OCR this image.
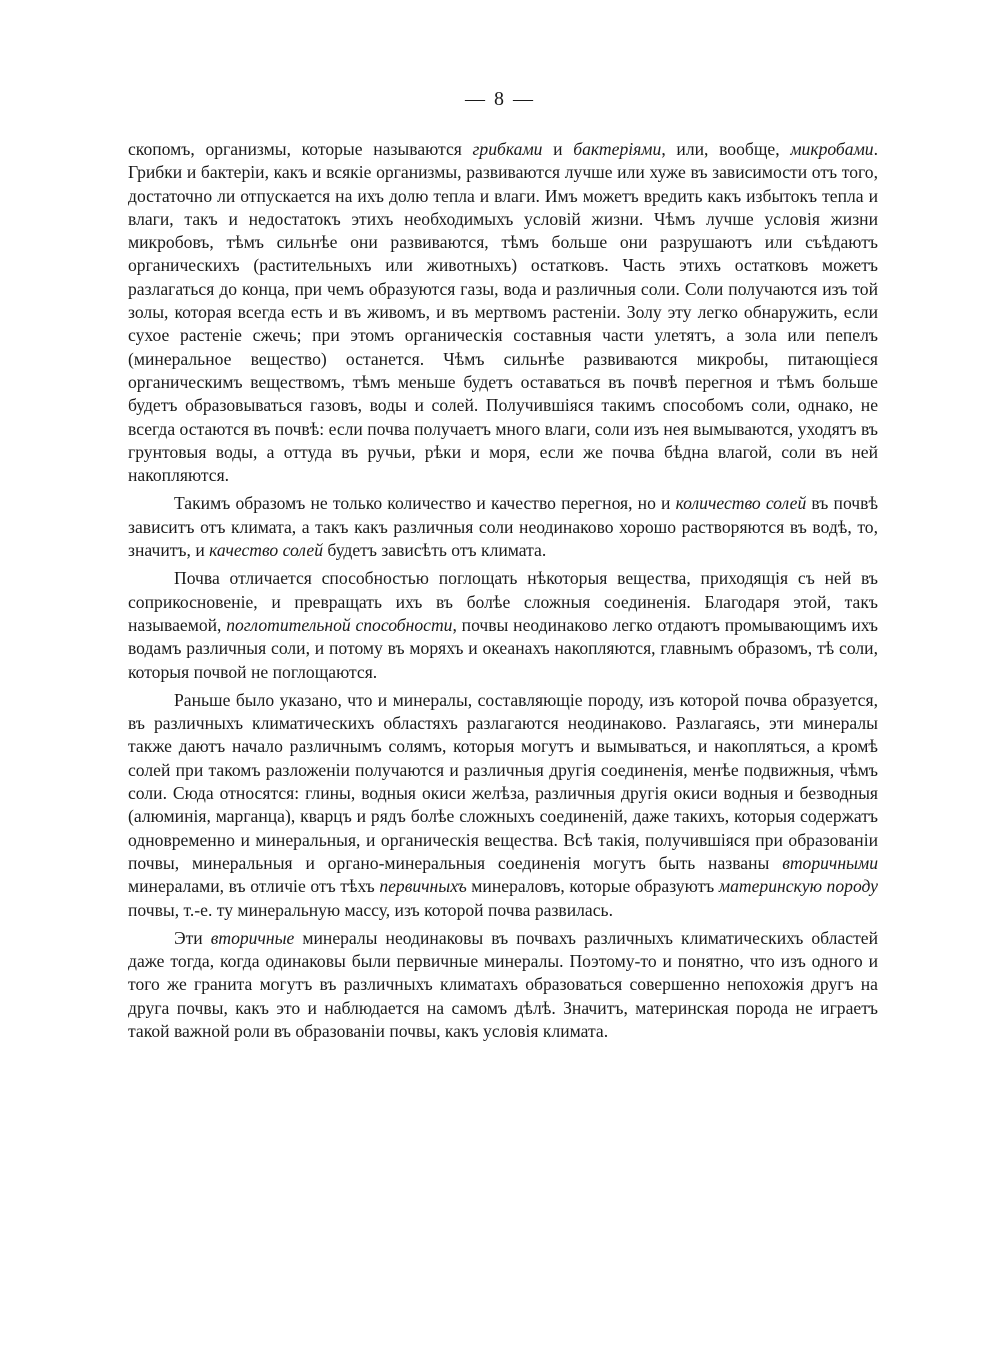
— 8 —

скопомъ, организмы, которые называются грибками и бактеріями, или, вообще, микробами. Грибки и бактеріи, какъ и всякіе организмы, развиваются лучше или хуже въ зависимости отъ того, достаточно ли отпускается на ихъ долю тепла и влаги. Имъ можетъ вредить какъ избытокъ тепла и влаги, такъ и недостатокъ этихъ необходимыхъ условій жизни. Чѣмъ лучше условія жизни микробовъ, тѣмъ сильнѣе они развиваются, тѣмъ больше они разрушаютъ или съѣдаютъ органическихъ (растительныхъ или животныхъ) остатковъ. Часть этихъ остатковъ можетъ разлагаться до конца, при чемъ образуются газы, вода и различныя соли. Соли получаются изъ той золы, которая всегда есть и въ живомъ, и въ мертвомъ растеніи. Золу эту легко обнаружить, если сухое растеніе сжечь; при этомъ органическія составныя части улетятъ, а зола или пепелъ (минеральное вещество) останется. Чѣмъ сильнѣе развиваются микробы, питающіеся органическимъ веществомъ, тѣмъ меньше будетъ оставаться въ почвѣ перегноя и тѣмъ больше будетъ образовываться газовъ, воды и солей. Получившіяся такимъ способомъ соли, однако, не всегда остаются въ почвѣ: если почва получаетъ много влаги, соли изъ нея вымываются, уходятъ въ грунтовыя воды, а оттуда въ ручьи, рѣки и моря, если же почва бѣдна влагой, соли въ ней накопляются.

Такимъ образомъ не только количество и качество перегноя, но и количество солей въ почвѣ зависитъ отъ климата, а такъ какъ различныя соли неодинаково хорошо растворяются въ водѣ, то, значитъ, и качество солей будетъ зависѣть отъ климата.

Почва отличается способностью поглощать нѣкоторыя вещества, приходящія съ ней въ соприкосновеніе, и превращать ихъ въ болѣе сложныя соединенія. Благодаря этой, такъ называемой, поглотительной способности, почвы неодинаково легко отдаютъ промывающимъ ихъ водамъ различныя соли, и потому въ моряхъ и океанахъ накопляются, главнымъ образомъ, тѣ соли, которыя почвой не поглощаются.

Раньше было указано, что и минералы, составляющіе породу, изъ которой почва образуется, въ различныхъ климатическихъ областяхъ разлагаются неодинаково. Разлагаясь, эти минералы также даютъ начало различнымъ солямъ, которыя могутъ и вымываться, и накопляться, а кромѣ солей при такомъ разложеніи получаются и различныя другія соединенія, менѣе подвижныя, чѣмъ соли. Сюда относятся: глины, водныя окиси желѣза, различныя другія окиси водныя и безводныя (алюминія, марганца), кварцъ и рядъ болѣе сложныхъ соединеній, даже такихъ, которыя содержатъ одновременно и минеральныя, и органическія вещества. Всѣ такія, получившіяся при образованіи почвы, минеральныя и органо-минеральныя соединенія могутъ быть названы вторичными минералами, въ отличіе отъ тѣхъ первичныхъ минераловъ, которые образуютъ материнскую породу почвы, т.-е. ту минеральную массу, изъ которой почва развилась.

Эти вторичные минералы неодинаковы въ почвахъ различныхъ климатическихъ областей даже тогда, когда одинаковы были первичные минералы. Поэтому-то и понятно, что изъ одного и того же гранита могутъ въ различныхъ климатахъ образоваться совершенно непохожія другъ на друга почвы, какъ это и наблюдается на самомъ дѣлѣ. Значитъ, материнская порода не играетъ такой важной роли въ образованіи почвы, какъ условія климата.
